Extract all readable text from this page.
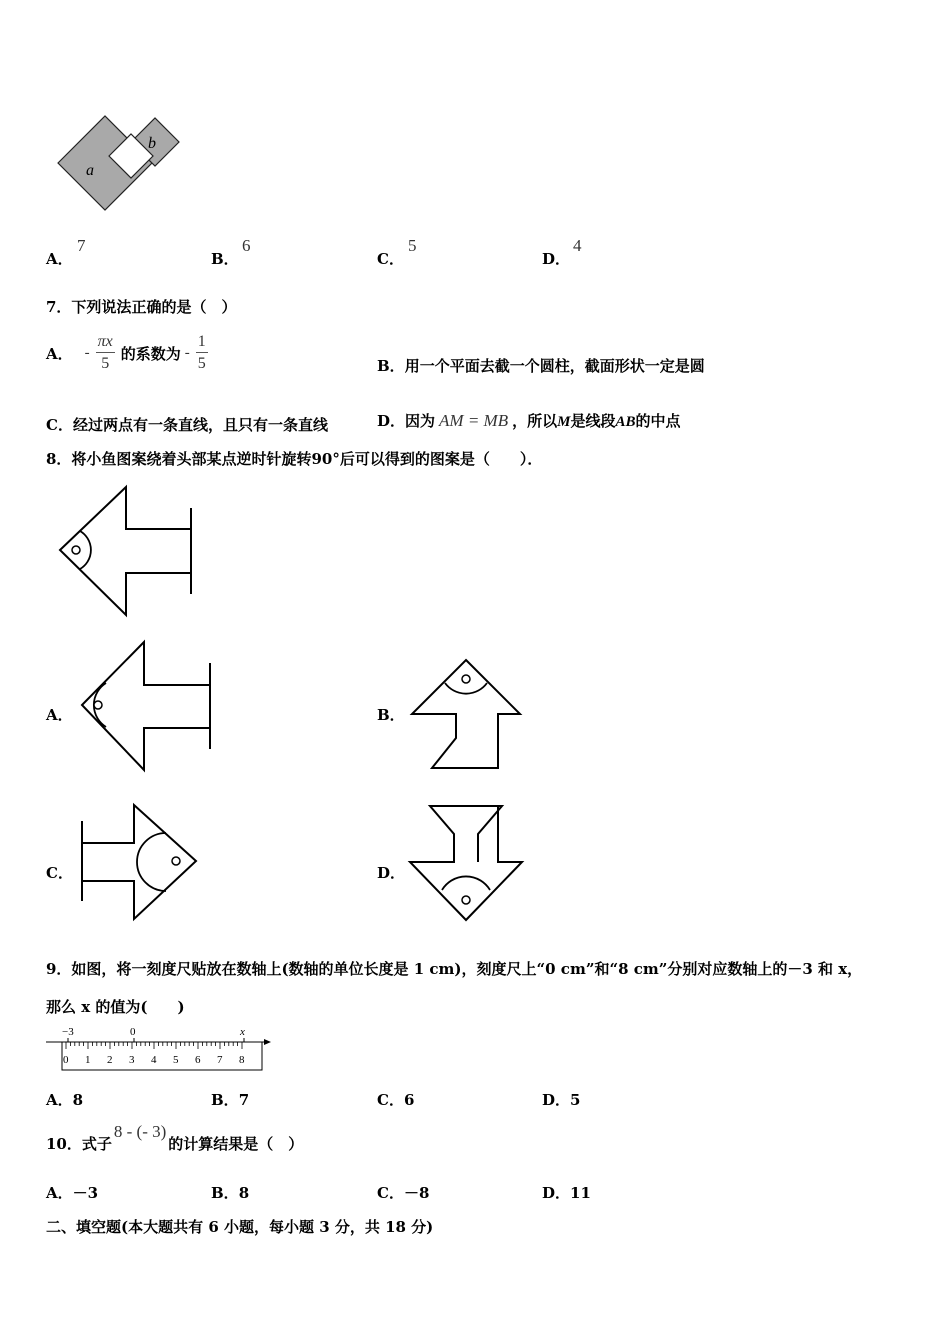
a
b
A．
7
B．
6
C．
5
D．
4
7．下列说法正确的是（　）
A． - $\frac{\pi x}{5}$ 的系数为 - $\frac{1}{5}$	B．用一个平面去截一个圆柱，截面形状一定是圆
C．经过两点有一条直线，且只有一条直线	D．因为 AM = MB ，所以M是线段AB的中点
8．将小鱼图案绕着头部某点逆时针旋转90°后可以得到的图案是（　　）．
A．	B．
C．	D．
9．如图，将一刻度尺贴放在数轴上(数轴的单位长度是 1 cm)，刻度尺上“0 cm”和“8 cm”分别对应数轴上的－3 和 x，
那么 x 的值为(　　)
−3	0	x
0 1 2 3 4 5 6 7 8
A．8	B．7	C．6	D．5
10．式子
8 - (- 3)
的计算结果是（　）
A．－3	B．8	C．－8	D．11
二、填空题(本大题共有 6 小题，每小题 3 分，共 18 分)
